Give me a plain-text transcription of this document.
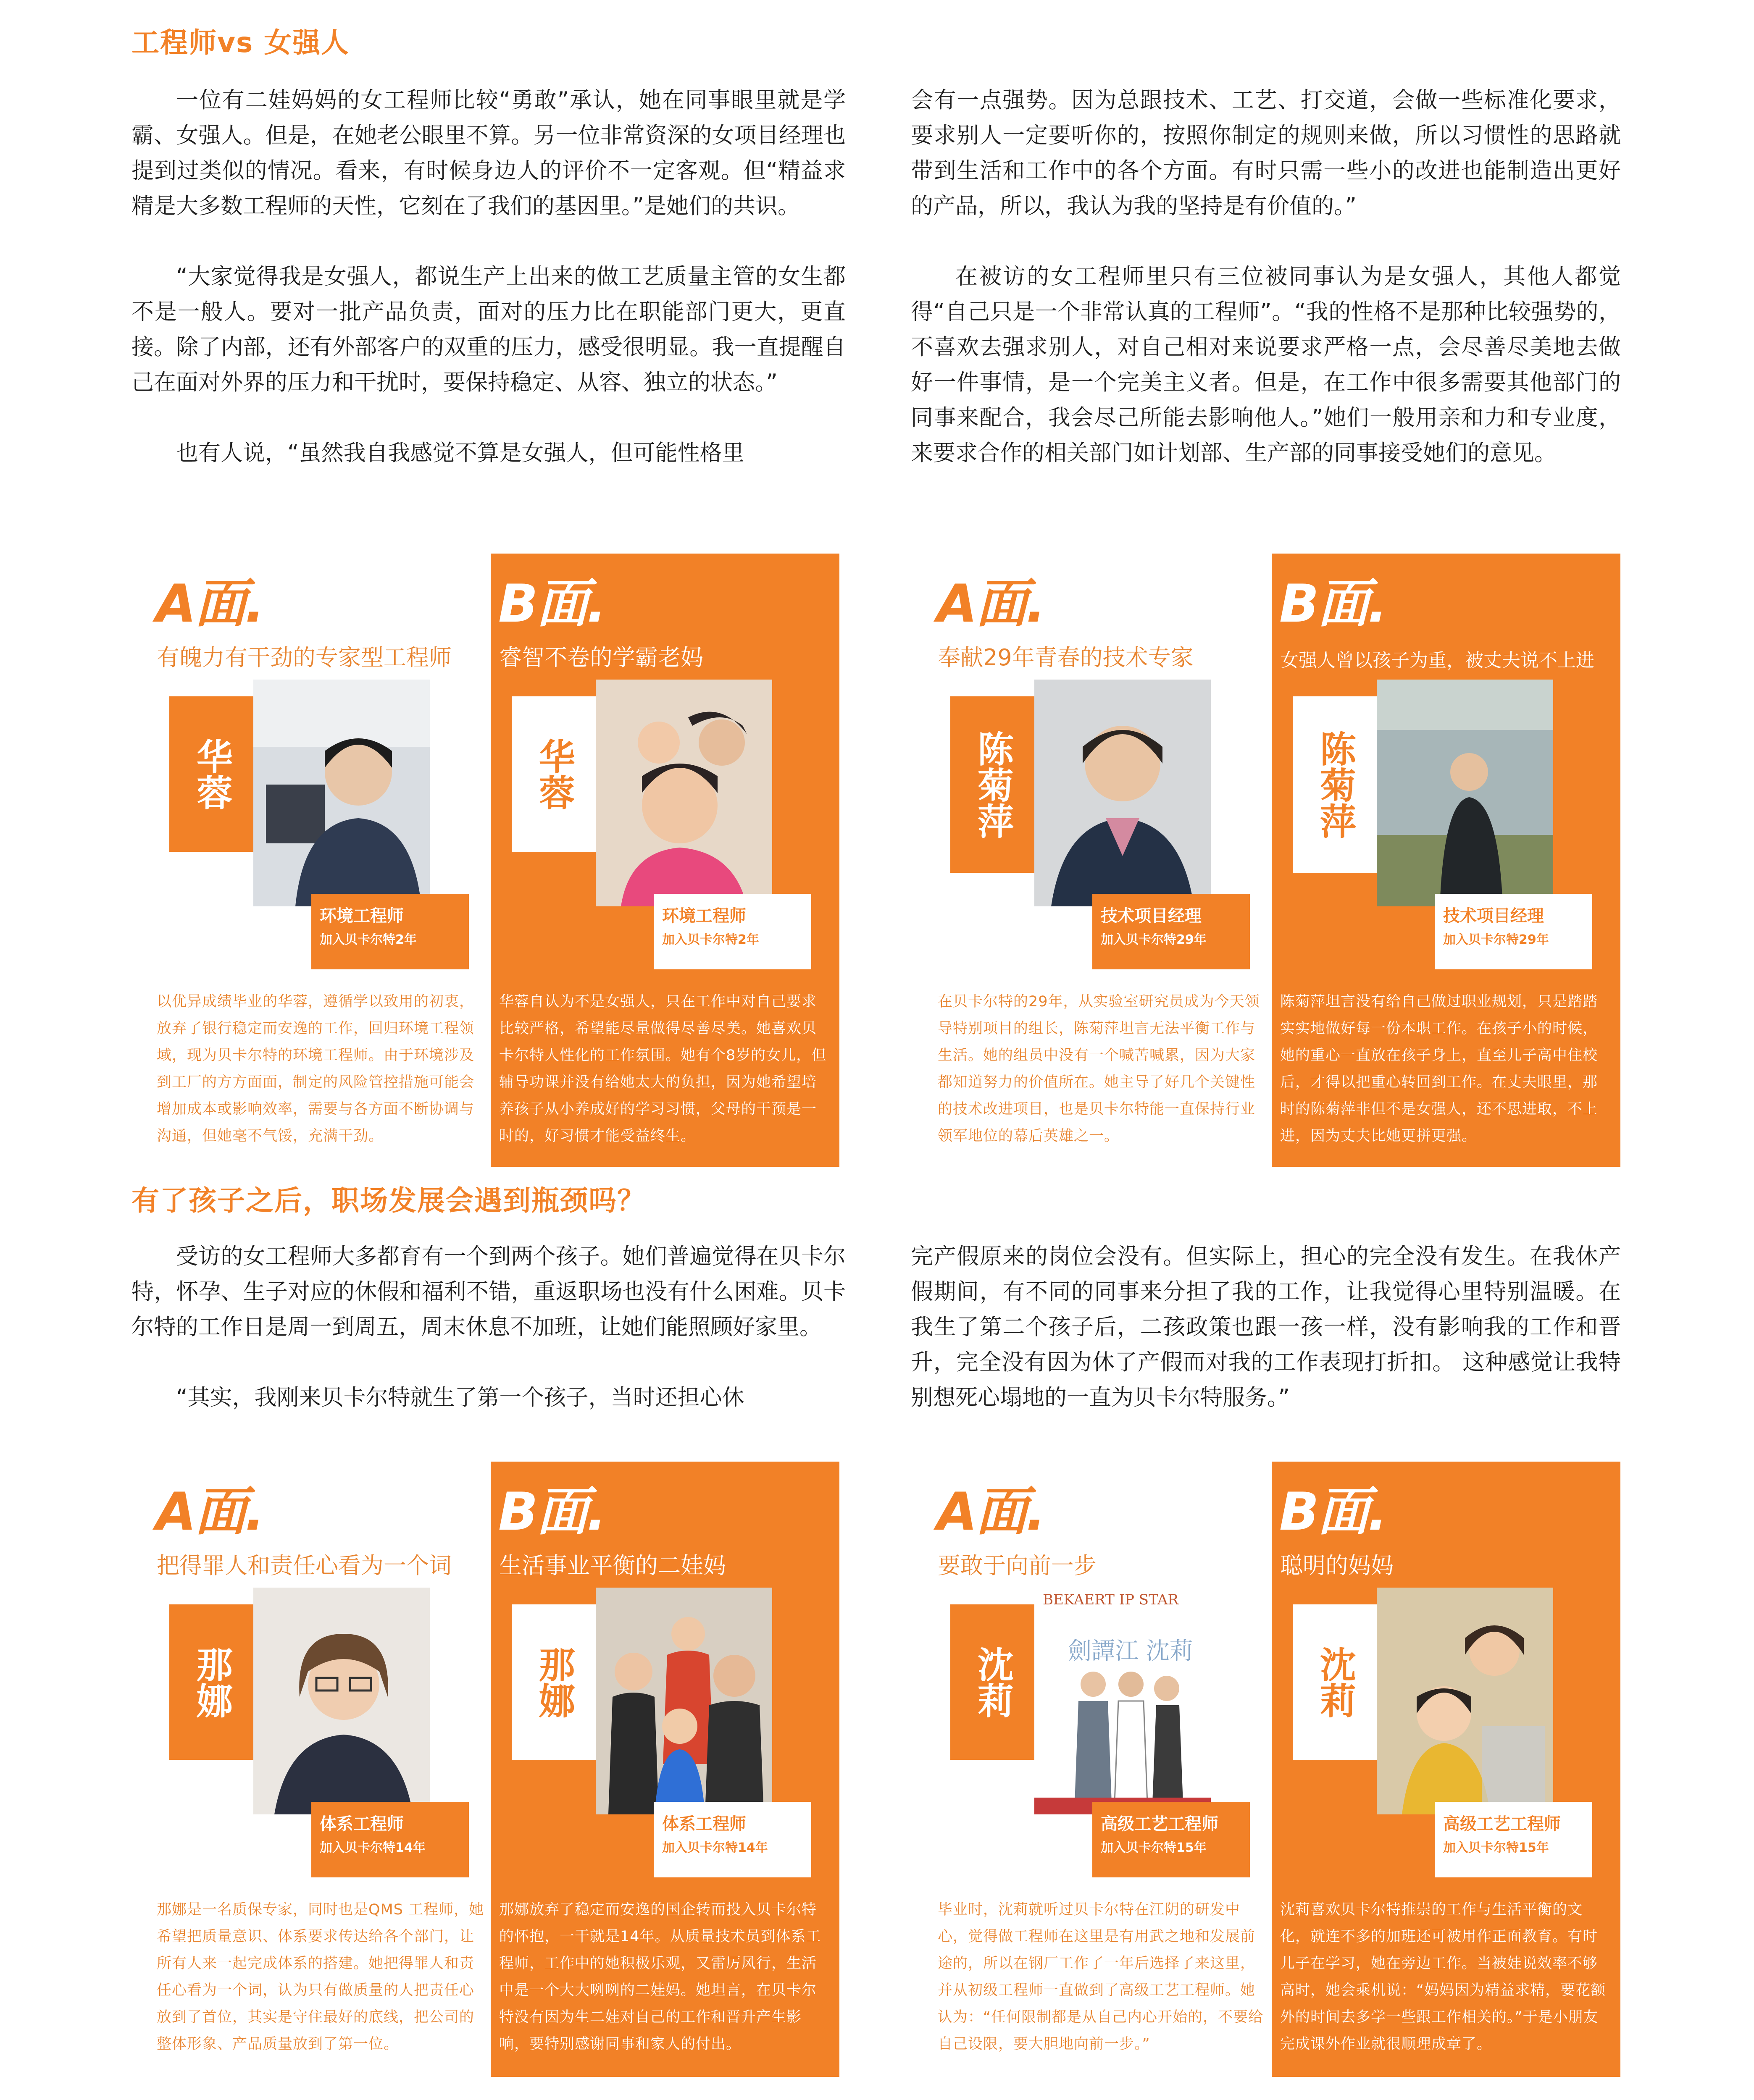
工程师vs 女强人

一位有二娃妈妈的女工程师比较“勇敢”承认，她在同事眼里就是学霸、女强人。但是，在她老公眼里不算。另一位非常资深的女项目经理也提到过类似的情况。看来，有时候身边人的评价不一定客观。但“精益求精是大多数工程师的天性，它刻在了我们的基因里。”是她们的共识。

“大家觉得我是女强人，都说生产上出来的做工艺质量主管的女生都不是一般人。要对一批产品负责，面对的压力比在职能部门更大，更直接。除了内部，还有外部客户的双重的压力，感受很明显。我一直提醒自己在面对外界的压力和干扰时，要保持稳定、从容、独立的状态。”

也有人说，“虽然我自我感觉不算是女强人，但可能性格里

会有一点强势。因为总跟技术、工艺、打交道，会做一些标准化要求，要求别人一定要听你的，按照你制定的规则来做，所以习惯性的思路就带到生活和工作中的各个方面。有时只需一些小的改进也能制造出更好的产品，所以，我认为我的坚持是有价值的。”

在被访的女工程师里只有三位被同事认为是女强人，其他人都觉得“自己只是一个非常认真的工程师”。“我的性格不是那种比较强势的，不喜欢去强求别人，对自己相对来说要求严格一点，会尽善尽美地去做好一件事情，是一个完美主义者。但是，在工作中很多需要其他部门的同事来配合，我会尽己所能去影响他人。”她们一般用亲和力和专业度，来要求合作的相关部门如计划部、生产部的同事接受她们的意见。

A面.
有魄力有干劲的专家型工程师
华蓉
环境工程师
加入贝卡尔特2年
以优异成绩毕业的华蓉，遵循学以致用的初衷，放弃了银行稳定而安逸的工作，回归环境工程领域，现为贝卡尔特的环境工程师。由于环境涉及到工厂的方方面面，制定的风险管控措施可能会增加成本或影响效率，需要与各方面不断协调与沟通，但她毫不气馁，充满干劲。
B面.
睿智不卷的学霸老妈
华蓉
环境工程师
加入贝卡尔特2年
华蓉自认为不是女强人，只在工作中对自己要求比较严格，希望能尽量做得尽善尽美。她喜欢贝卡尔特人性化的工作氛围。她有个8岁的女儿，但辅导功课并没有给她太大的负担，因为她希望培养孩子从小养成好的学习习惯，父母的干预是一时的，好习惯才能受益终生。
A面.
奉献29年青春的技术专家
陈菊萍
技术项目经理
加入贝卡尔特29年
在贝卡尔特的29年，从实验室研究员成为今天领导特别项目的组长，陈菊萍坦言无法平衡工作与生活。她的组员中没有一个喊苦喊累，因为大家都知道努力的价值所在。她主导了好几个关键性的技术改进项目，也是贝卡尔特能一直保持行业领军地位的幕后英雄之一。
B面.
女强人曾以孩子为重，被丈夫说不上进
陈菊萍
技术项目经理
加入贝卡尔特29年
陈菊萍坦言没有给自己做过职业规划，只是踏踏实实地做好每一份本职工作。在孩子小的时候，她的重心一直放在孩子身上，直至儿子高中住校后，才得以把重心转回到工作。在丈夫眼里，那时的陈菊萍非但不是女强人，还不思进取，不上进，因为丈夫比她更拼更强。
有了孩子之后，职场发展会遇到瓶颈吗？

受访的女工程师大多都育有一个到两个孩子。她们普遍觉得在贝卡尔特，怀孕、生子对应的休假和福利不错，重返职场也没有什么困难。贝卡尔特的工作日是周一到周五，周末休息不加班，让她们能照顾好家里。

“其实，我刚来贝卡尔特就生了第一个孩子，当时还担心休

完产假原来的岗位会没有。但实际上，担心的完全没有发生。在我休产假期间，有不同的同事来分担了我的工作，让我觉得心里特别温暖。在我生了第二个孩子后，二孩政策也跟一孩一样，没有影响我的工作和晋升，完全没有因为休了产假而对我的工作表现打折扣。 这种感觉让我特别想死心塌地的一直为贝卡尔特服务。”

A面.
把得罪人和责任心看为一个词
那娜
体系工程师
加入贝卡尔特14年
那娜是一名质保专家，同时也是QMS 工程师，她希望把质量意识、体系要求传达给各个部门，让所有人来一起完成体系的搭建。她把得罪人和责任心看为一个词，认为只有做质量的人把责任心放到了首位，其实是守住最好的底线，把公司的整体形象、产品质量放到了第一位。
B面.
生活事业平衡的二娃妈
那娜
体系工程师
加入贝卡尔特14年
那娜放弃了稳定而安逸的国企转而投入贝卡尔特的怀抱，一干就是14年。从质量技术员到体系工程师，工作中的她积极乐观，又雷厉风行，生活中是一个大大咧咧的二娃妈。她坦言，在贝卡尔特没有因为生二娃对自己的工作和晋升产生影响，要特别感谢同事和家人的付出。
A面.
要敢于向前一步
BEKAERT IP STAR
劍譚江 沈莉
沈莉
高级工艺工程师
加入贝卡尔特15年
毕业时，沈莉就听过贝卡尔特在江阴的研发中心，觉得做工程师在这里是有用武之地和发展前途的，所以在钢厂工作了一年后选择了来这里，并从初级工程师一直做到了高级工艺工程师。她认为：“任何限制都是从自己内心开始的，不要给自己设限，要大胆地向前一步。”
B面.
聪明的妈妈
沈莉
高级工艺工程师
加入贝卡尔特15年
沈莉喜欢贝卡尔特推崇的工作与生活平衡的文化，就连不多的加班还可被用作正面教育。有时儿子在学习，她在旁边工作。当被娃说效率不够高时，她会乘机说：“妈妈因为精益求精，要花额外的时间去多学一些跟工作相关的。”于是小朋友完成课外作业就很顺理成章了。
